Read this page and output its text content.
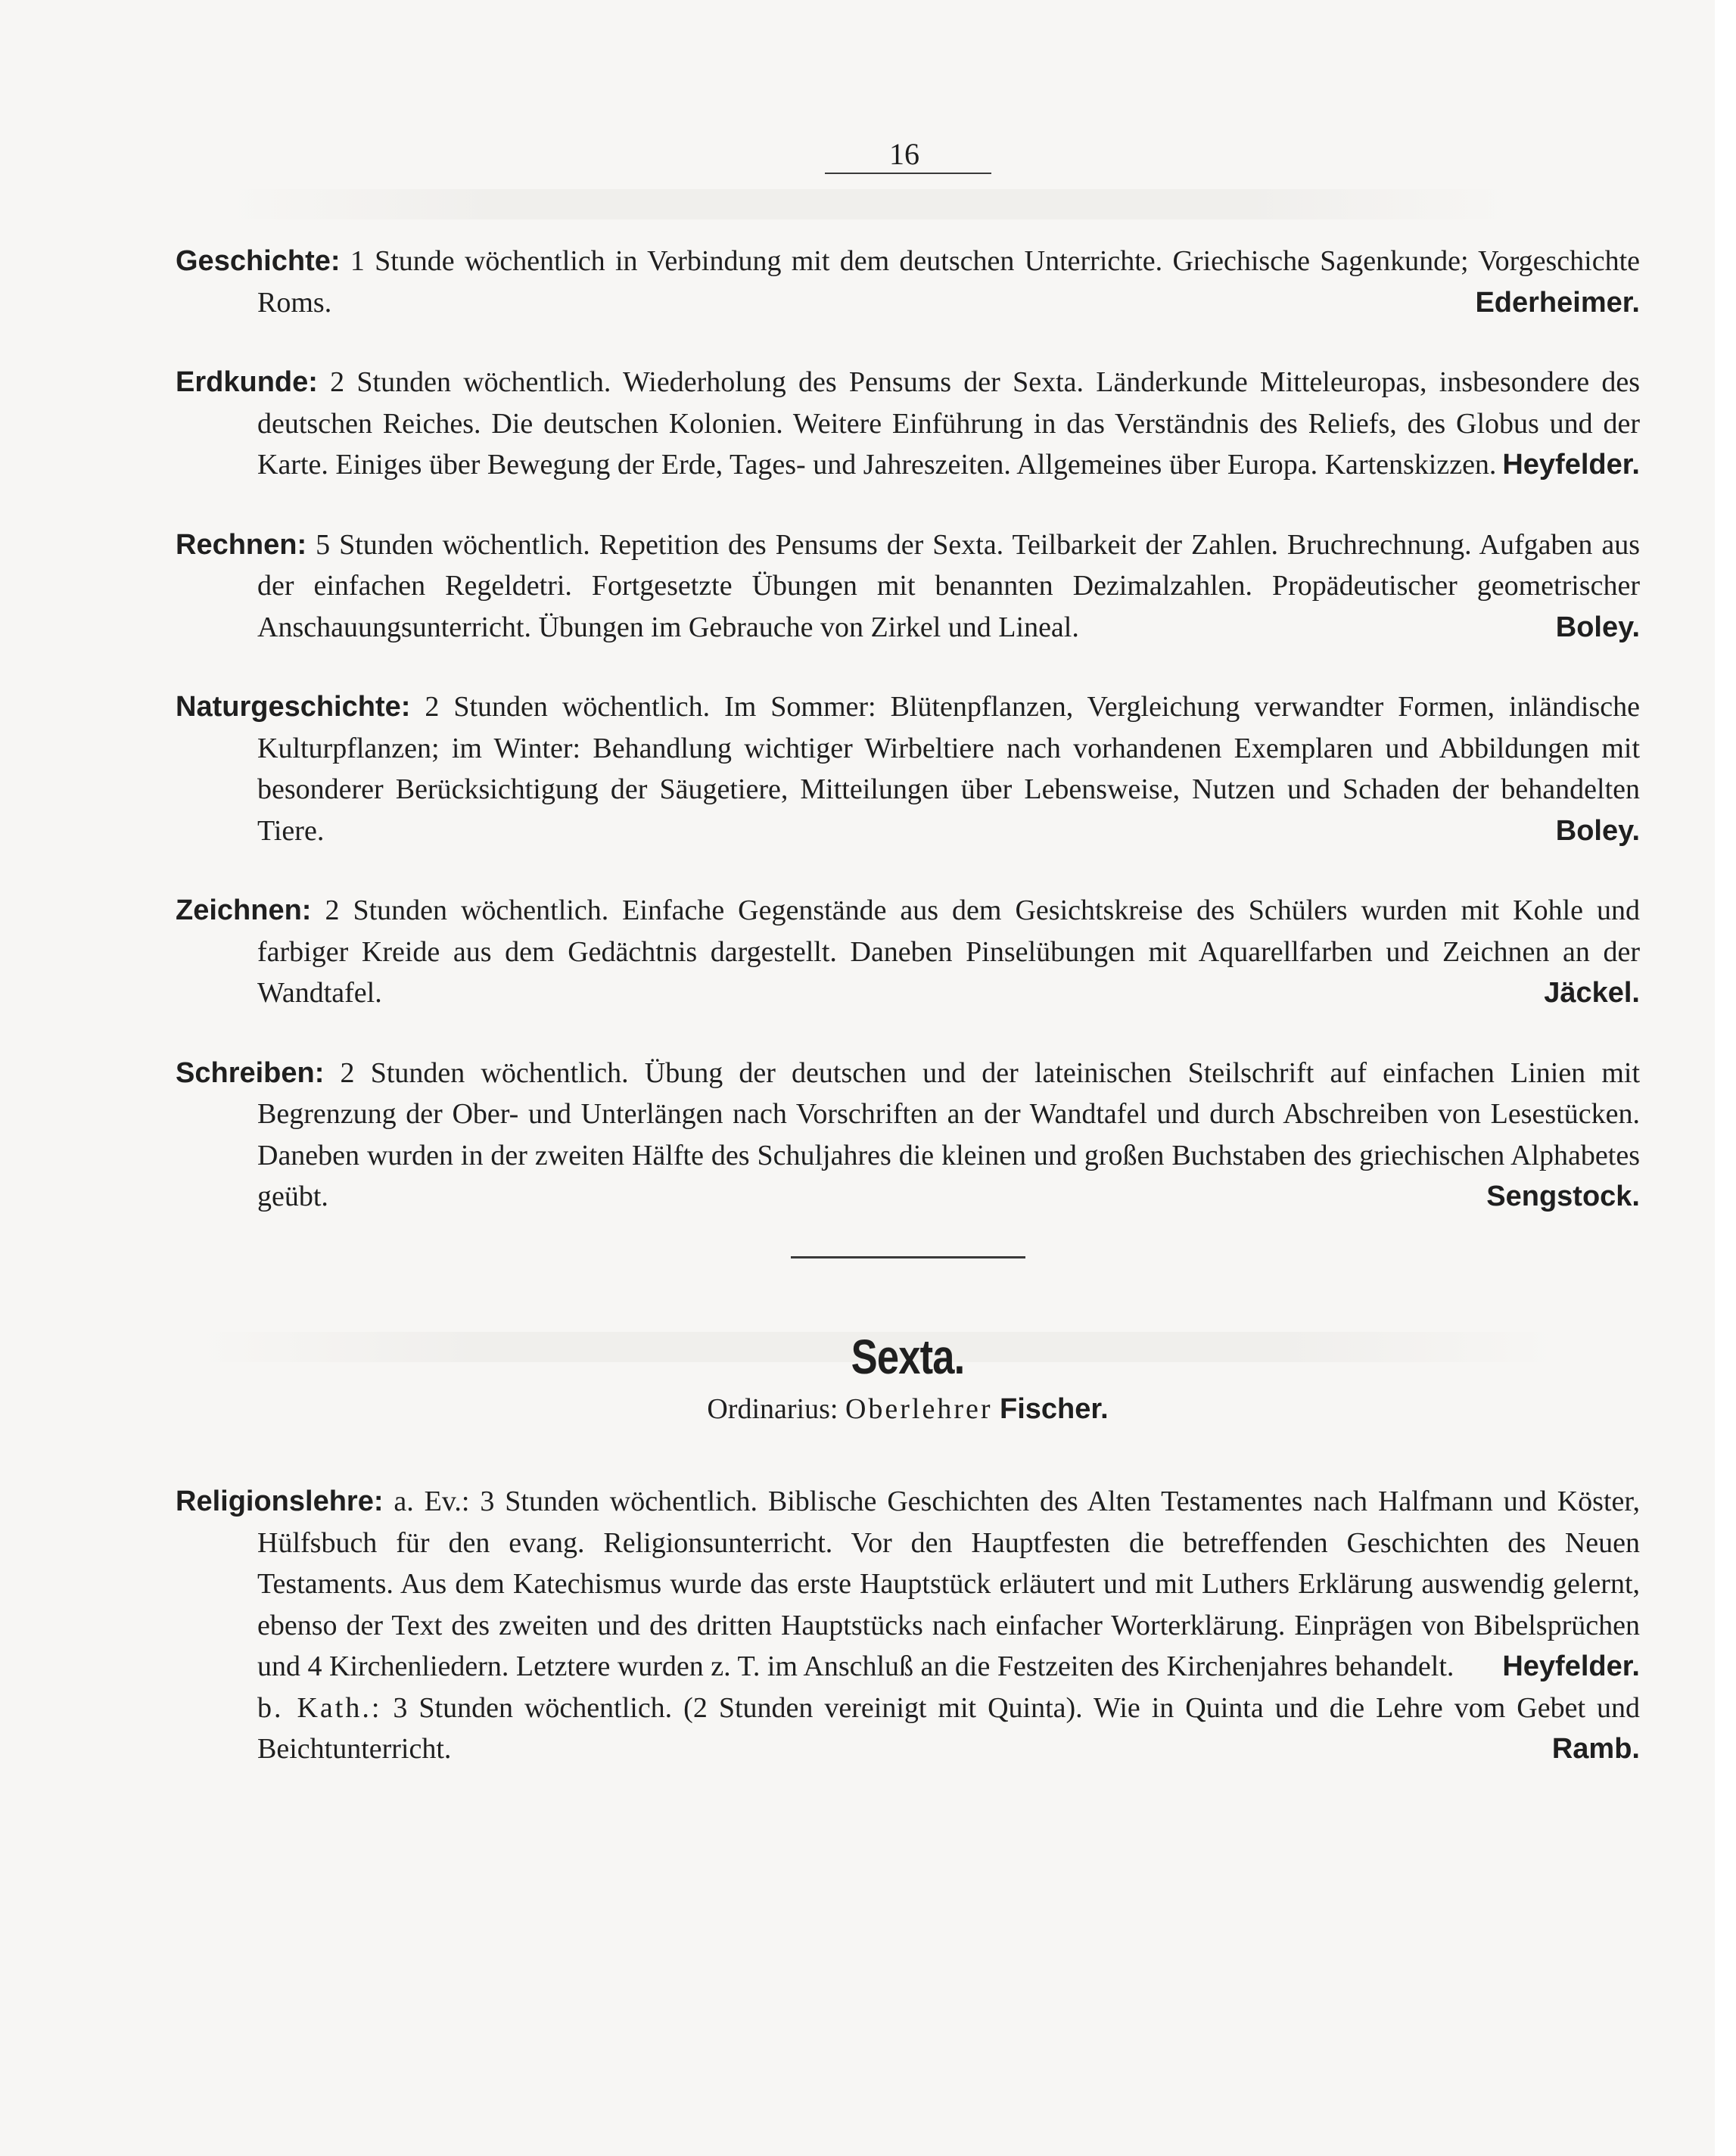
16

Geschichte: 1 Stunde wöchentlich in Verbindung mit dem deutschen Unterrichte. Griechische Sagenkunde; Vorgeschichte Roms.	Ederheimer.

Erdkunde: 2 Stunden wöchentlich. Wiederholung des Pensums der Sexta. Länderkunde Mitteleuropas, insbesondere des deutschen Reiches. Die deutschen Kolonien. Weitere Einführung in das Verständnis des Reliefs, des Globus und der Karte. Einiges über Bewegung der Erde, Tages- und Jahreszeiten. Allgemeines über Europa. Kartenskizzen. Heyfelder.

Rechnen: 5 Stunden wöchentlich. Repetition des Pensums der Sexta. Teilbarkeit der Zahlen. Bruchrechnung. Aufgaben aus der einfachen Regeldetri. Fortgesetzte Übungen mit benannten Dezimalzahlen. Propädeutischer geometrischer Anschauungsunterricht. Übungen im Gebrauche von Zirkel und Lineal.	Boley.

Naturgeschichte: 2 Stunden wöchentlich. Im Sommer: Blütenpflanzen, Vergleichung verwandter Formen, inländische Kulturpflanzen; im Winter: Behandlung wichtiger Wirbeltiere nach vorhandenen Exemplaren und Abbildungen mit besonderer Berücksichtigung der Säugetiere, Mitteilungen über Lebensweise, Nutzen und Schaden der behandelten Tiere.	Boley.

Zeichnen: 2 Stunden wöchentlich. Einfache Gegenstände aus dem Gesichtskreise des Schülers wurden mit Kohle und farbiger Kreide aus dem Gedächtnis dargestellt. Daneben Pinselübungen mit Aquarellfarben und Zeichnen an der Wandtafel.	Jäckel.

Schreiben: 2 Stunden wöchentlich. Übung der deutschen und der lateinischen Steilschrift auf einfachen Linien mit Begrenzung der Ober- und Unterlängen nach Vorschriften an der Wandtafel und durch Abschreiben von Lesestücken. Daneben wurden in der zweiten Hälfte des Schuljahres die kleinen und großen Buchstaben des griechischen Alphabetes geübt.	Sengstock.

Sexta.
Ordinarius: Oberlehrer Fischer.

Religionslehre: a. Ev.: 3 Stunden wöchentlich. Biblische Geschichten des Alten Testamentes nach Halfmann und Köster, Hülfsbuch für den evang. Religionsunterricht. Vor den Hauptfesten die betreffenden Geschichten des Neuen Testaments. Aus dem Katechismus wurde das erste Hauptstück erläutert und mit Luthers Erklärung auswendig gelernt, ebenso der Text des zweiten und des dritten Hauptstücks nach einfacher Worterklärung. Einprägen von Bibelsprüchen und 4 Kirchenliedern. Letztere wurden z. T. im Anschluß an die Festzeiten des Kirchenjahres behandelt. Heyfelder.

b. Kath.: 3 Stunden wöchentlich. (2 Stunden vereinigt mit Quinta). Wie in Quinta und die Lehre vom Gebet und Beichtunterricht.	Ramb.
